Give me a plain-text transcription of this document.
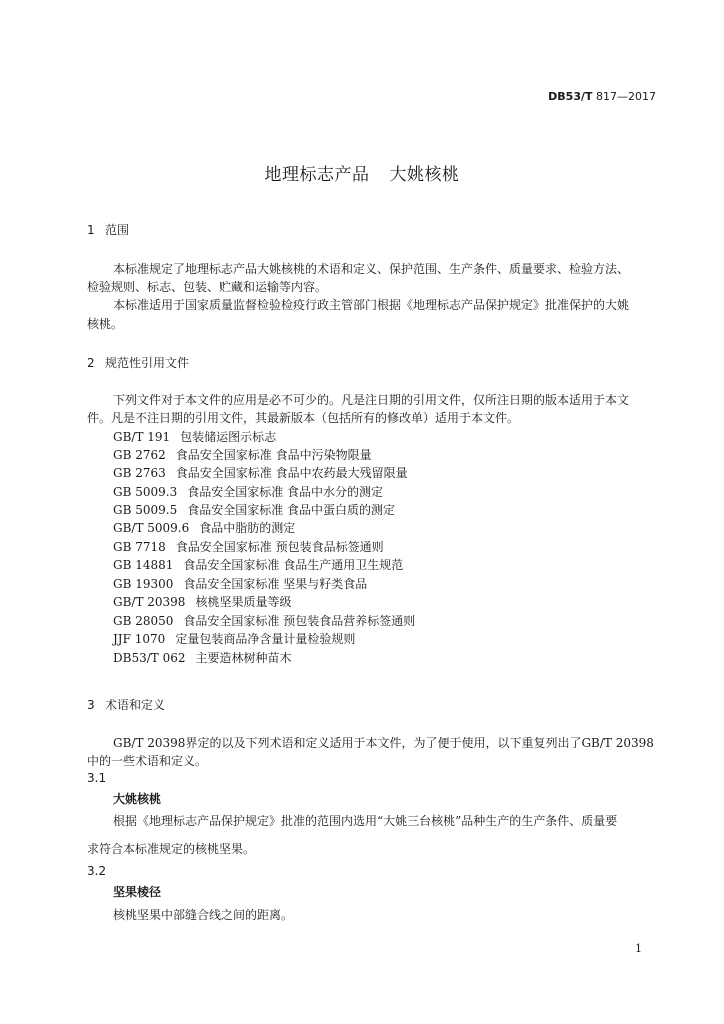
DB53/T 817—2017
地理标志产品 大姚核桃
1 范围
本标准规定了地理标志产品大姚核桃的术语和定义、保护范围、生产条件、质量要求、检验方法、
检验规则、标志、包装、贮藏和运输等内容。
本标准适用于国家质量监督检验检疫行政主管部门根据《地理标志产品保护规定》批准保护的大姚
核桃。
2 规范性引用文件
下列文件对于本文件的应用是必不可少的。凡是注日期的引用文件，仅所注日期的版本适用于本文
件。凡是不注日期的引用文件，其最新版本（包括所有的修改单）适用于本文件。
GB/T 191 包装储运图示标志
GB 2762 食品安全国家标准 食品中污染物限量
GB 2763 食品安全国家标准 食品中农药最大残留限量
GB 5009.3 食品安全国家标准 食品中水分的测定
GB 5009.5 食品安全国家标准 食品中蛋白质的测定
GB/T 5009.6 食品中脂肪的测定
GB 7718 食品安全国家标准 预包装食品标签通则
GB 14881 食品安全国家标准 食品生产通用卫生规范
GB 19300 食品安全国家标准 坚果与籽类食品
GB/T 20398 核桃坚果质量等级
GB 28050 食品安全国家标准 预包装食品营养标签通则
JJF 1070 定量包装商品净含量计量检验规则
DB53/T 062 主要造林树种苗木
3 术语和定义
GB/T 20398界定的以及下列术语和定义适用于本文件，为了便于使用，以下重复列出了GB/T 20398
中的一些术语和定义。
3.1
大姚核桃
根据《地理标志产品保护规定》批准的范围内选用“大姚三台核桃”品种生产的生产条件、质量要
求符合本标准规定的核桃坚果。
3.2
坚果棱径
核桃坚果中部缝合线之间的距离。
1
